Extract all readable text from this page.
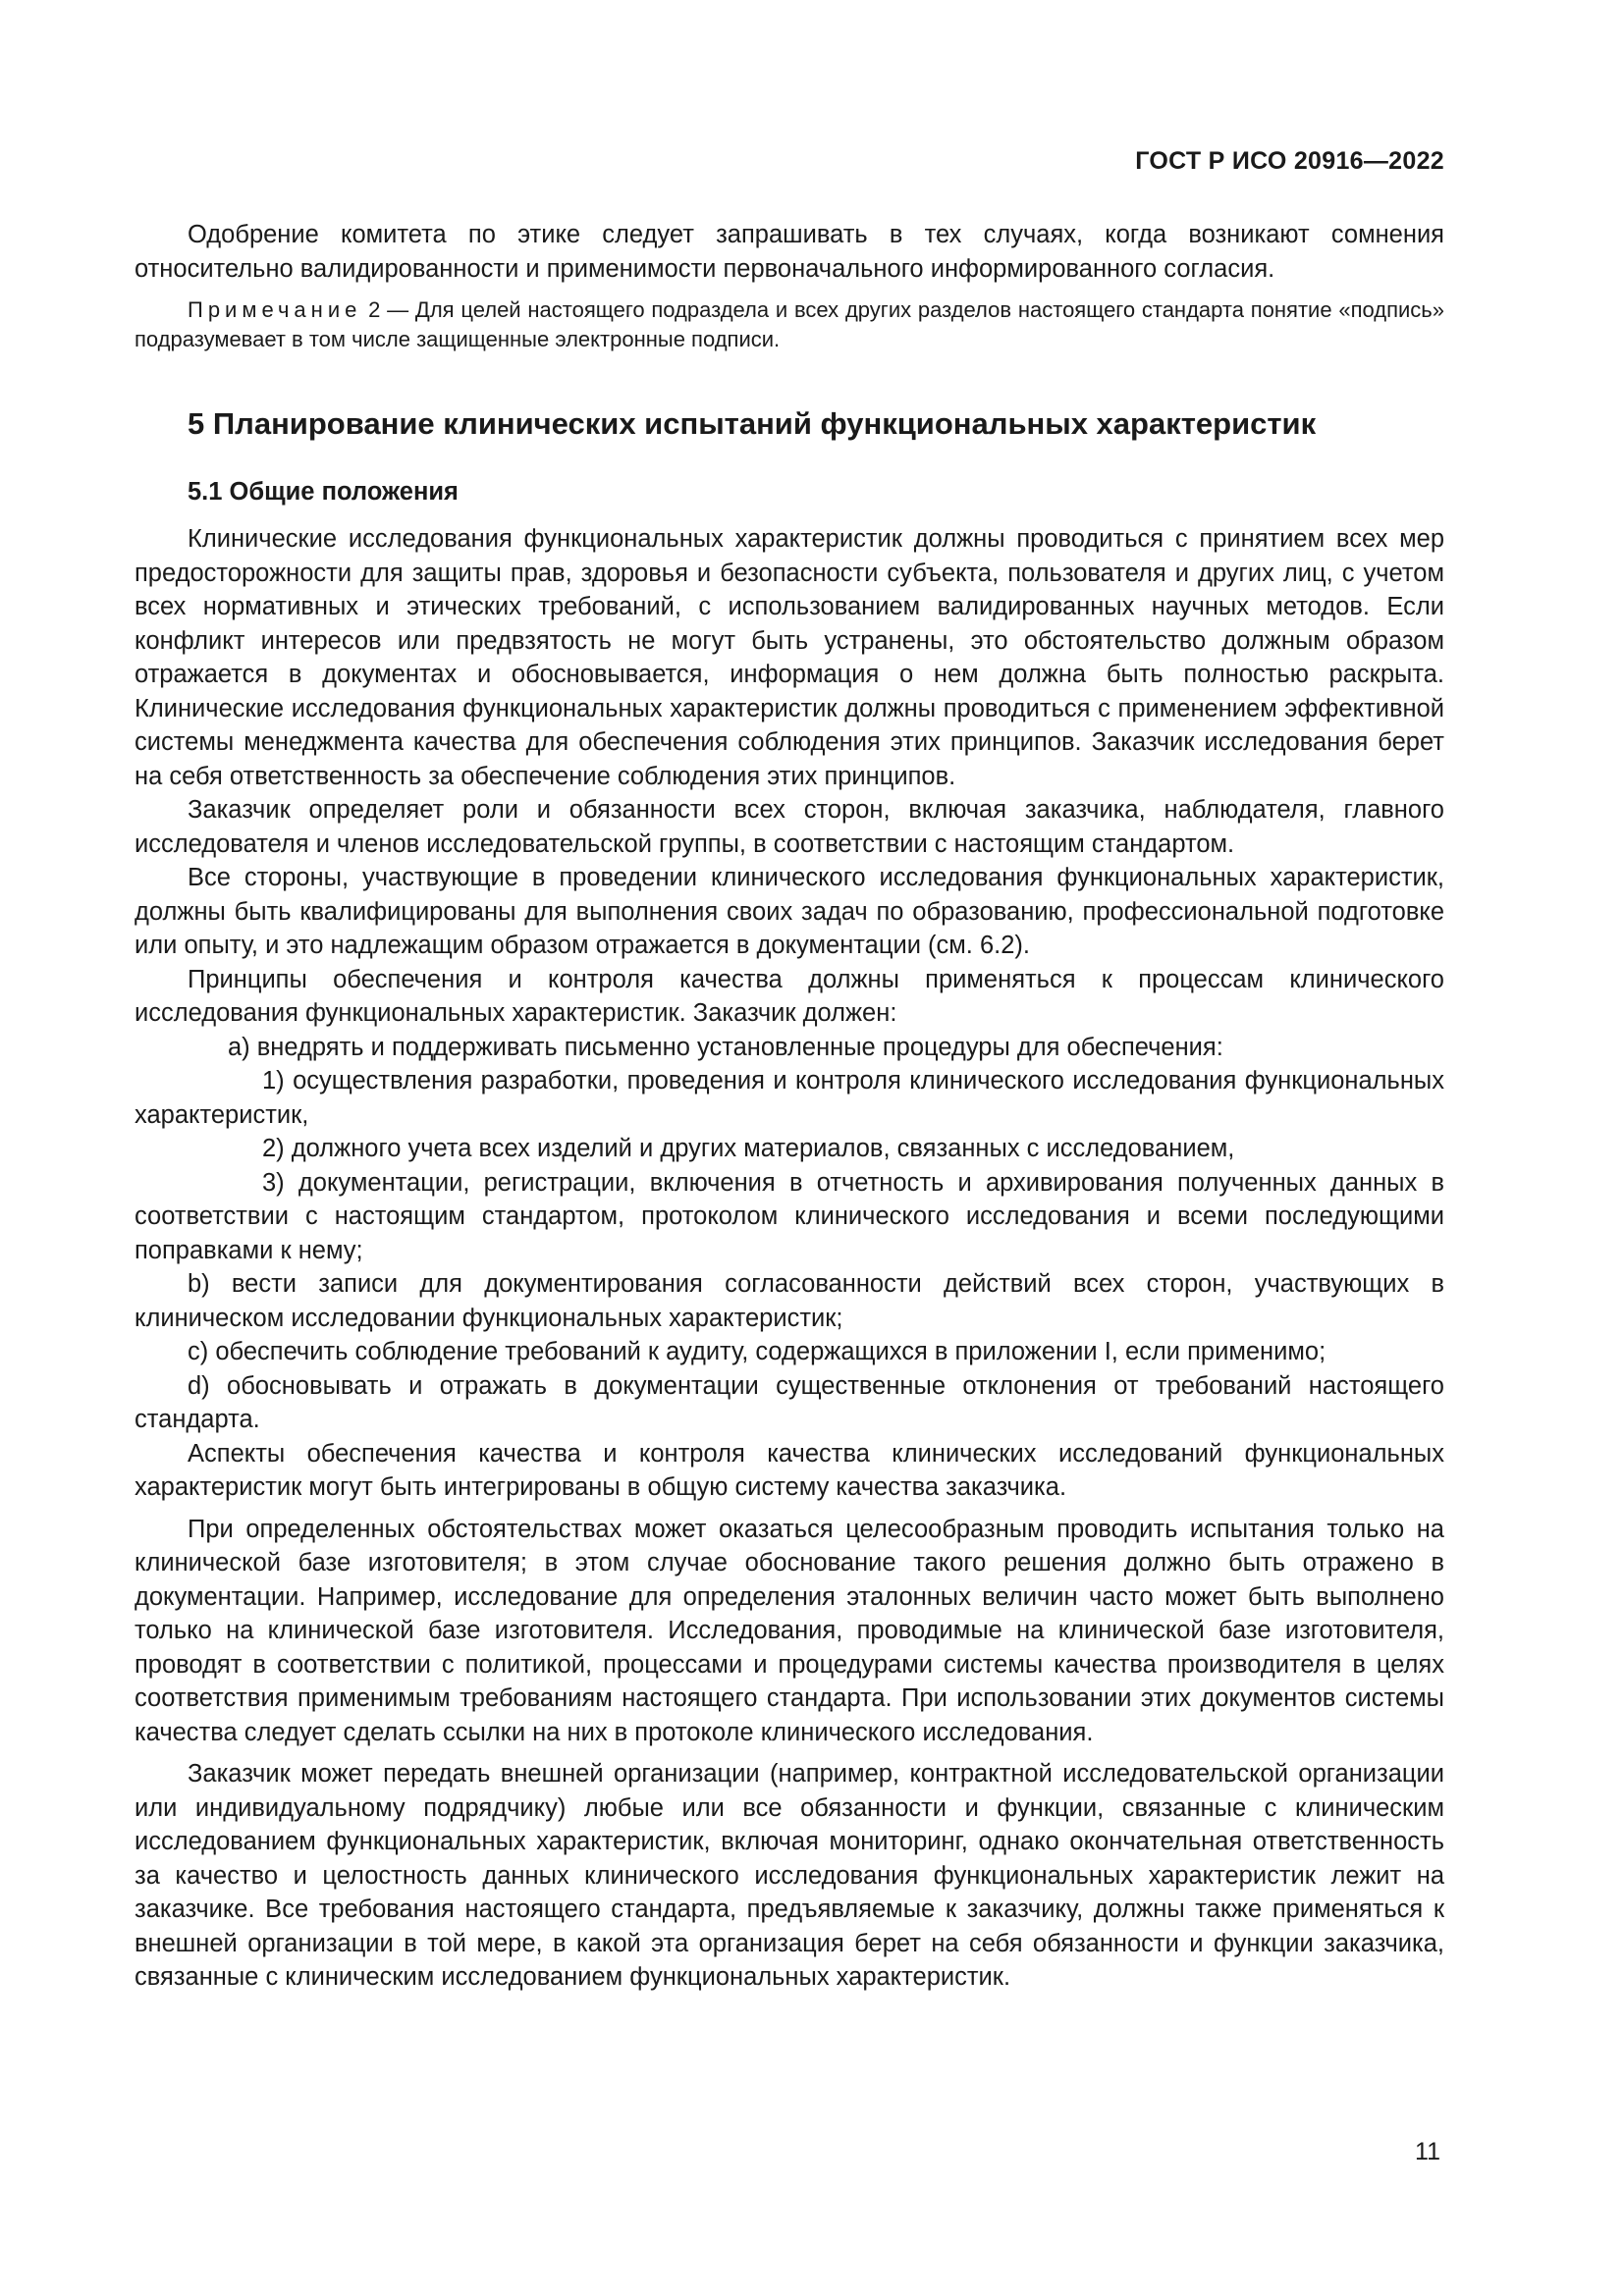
ГОСТ Р ИСО 20916—2022

Одобрение комитета по этике следует запрашивать в тех случаях, когда возникают сомнения относительно валидированности и применимости первоначального информированного согласия.

Примечание 2 — Для целей настоящего подраздела и всех других разделов настоящего стандарта понятие «подпись» подразумевает в том числе защищенные электронные подписи.

5 Планирование клинических испытаний функциональных характеристик
5.1 Общие положения

Клинические исследования функциональных характеристик должны проводиться с принятием всех мер предосторожности для защиты прав, здоровья и безопасности субъекта, пользователя и других лиц, с учетом всех нормативных и этических требований, с использованием валидированных научных методов. Если конфликт интересов или предвзятость не могут быть устранены, это обстоятельство должным образом отражается в документах и обосновывается, информация о нем должна быть полностью раскрыта. Клинические исследования функциональных характеристик должны проводиться с применением эффективной системы менеджмента качества для обеспечения соблюдения этих принципов. Заказчик исследования берет на себя ответственность за обеспечение соблюдения этих принципов.

Заказчик определяет роли и обязанности всех сторон, включая заказчика, наблюдателя, главного исследователя и членов исследовательской группы, в соответствии с настоящим стандартом.

Все стороны, участвующие в проведении клинического исследования функциональных характеристик, должны быть квалифицированы для выполнения своих задач по образованию, профессиональной подготовке или опыту, и это надлежащим образом отражается в документации (см. 6.2).

Принципы обеспечения и контроля качества должны применяться к процессам клинического исследования функциональных характеристик. Заказчик должен:

a) внедрять и поддерживать письменно установленные процедуры для обеспечения:

1) осуществления разработки, проведения и контроля клинического исследования функциональных характеристик,

2) должного учета всех изделий и других материалов, связанных с исследованием,

3) документации, регистрации, включения в отчетность и архивирования полученных данных в соответствии с настоящим стандартом, протоколом клинического исследования и всеми последующими поправками к нему;

b) вести записи для документирования согласованности действий всех сторон, участвующих в клиническом исследовании функциональных характеристик;

c) обеспечить соблюдение требований к аудиту, содержащихся в приложении I, если применимо;

d) обосновывать и отражать в документации существенные отклонения от требований настоящего стандарта.

Аспекты обеспечения качества и контроля качества клинических исследований функциональных характеристик могут быть интегрированы в общую систему качества заказчика.

При определенных обстоятельствах может оказаться целесообразным проводить испытания только на клинической базе изготовителя; в этом случае обоснование такого решения должно быть отражено в документации. Например, исследование для определения эталонных величин часто может быть выполнено только на клинической базе изготовителя. Исследования, проводимые на клинической базе изготовителя, проводят в соответствии с политикой, процессами и процедурами системы качества производителя в целях соответствия применимым требованиям настоящего стандарта. При использовании этих документов системы качества следует сделать ссылки на них в протоколе клинического исследования.

Заказчик может передать внешней организации (например, контрактной исследовательской организации или индивидуальному подрядчику) любые или все обязанности и функции, связанные с клиническим исследованием функциональных характеристик, включая мониторинг, однако окончательная ответственность за качество и целостность данных клинического исследования функциональных характеристик лежит на заказчике. Все требования настоящего стандарта, предъявляемые к заказчику, должны также применяться к внешней организации в той мере, в какой эта организация берет на себя обязанности и функции заказчика, связанные с клиническим исследованием функциональных характеристик.

11
